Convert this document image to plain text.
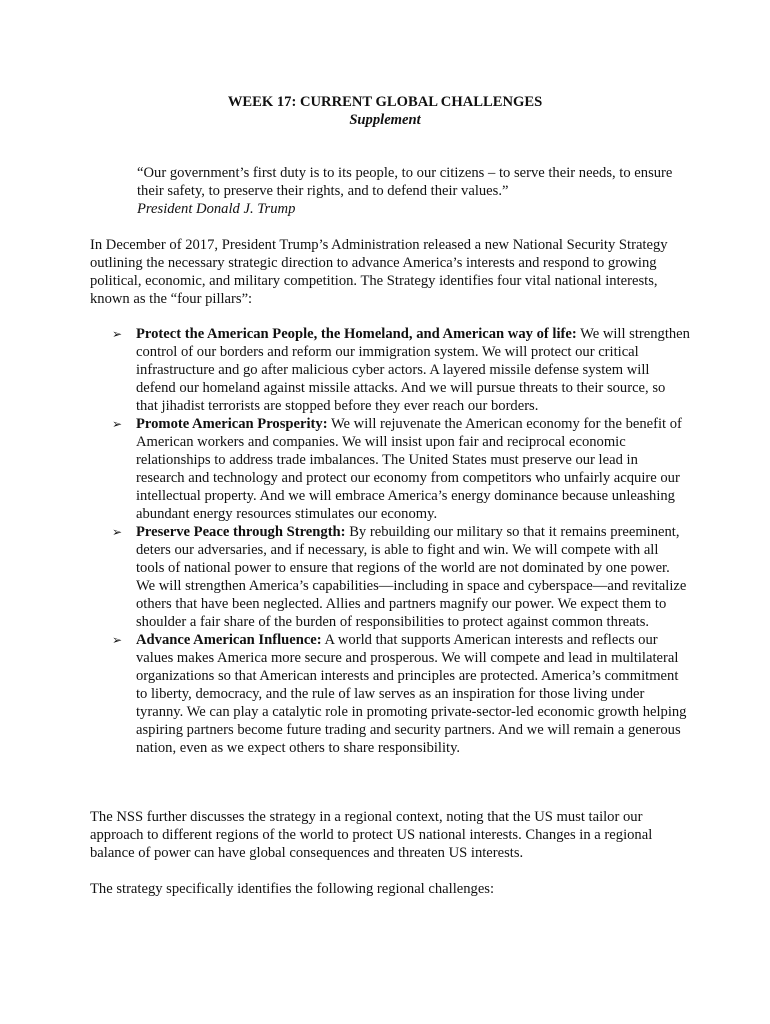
WEEK 17: CURRENT GLOBAL CHALLENGES
Supplement
“Our government’s first duty is to its people, to our citizens – to serve their needs, to ensure their safety, to preserve their rights, and to defend their values.”
President Donald J. Trump
In December of 2017, President Trump’s Administration released a new National Security Strategy outlining the necessary strategic direction to advance America’s interests and respond to growing political, economic, and military competition. The Strategy identifies four vital national interests, known as the “four pillars”:
➢ Protect the American People, the Homeland, and American way of life: We will strengthen control of our borders and reform our immigration system. We will protect our critical infrastructure and go after malicious cyber actors. A layered missile defense system will defend our homeland against missile attacks. And we will pursue threats to their source, so that jihadist terrorists are stopped before they ever reach our borders.
➢ Promote American Prosperity: We will rejuvenate the American economy for the benefit of American workers and companies. We will insist upon fair and reciprocal economic relationships to address trade imbalances. The United States must preserve our lead in research and technology and protect our economy from competitors who unfairly acquire our intellectual property. And we will embrace America’s energy dominance because unleashing abundant energy resources stimulates our economy.
➢ Preserve Peace through Strength: By rebuilding our military so that it remains preeminent, deters our adversaries, and if necessary, is able to fight and win. We will compete with all tools of national power to ensure that regions of the world are not dominated by one power. We will strengthen America’s capabilities—including in space and cyberspace—and revitalize others that have been neglected. Allies and partners magnify our power. We expect them to shoulder a fair share of the burden of responsibilities to protect against common threats.
➢ Advance American Influence: A world that supports American interests and reflects our values makes America more secure and prosperous. We will compete and lead in multilateral organizations so that American interests and principles are protected. America’s commitment to liberty, democracy, and the rule of law serves as an inspiration for those living under tyranny. We can play a catalytic role in promoting private-sector-led economic growth helping aspiring partners become future trading and security partners. And we will remain a generous nation, even as we expect others to share responsibility.
The NSS further discusses the strategy in a regional context, noting that the US must tailor our approach to different regions of the world to protect US national interests. Changes in a regional balance of power can have global consequences and threaten US interests.
The strategy specifically identifies the following regional challenges:
